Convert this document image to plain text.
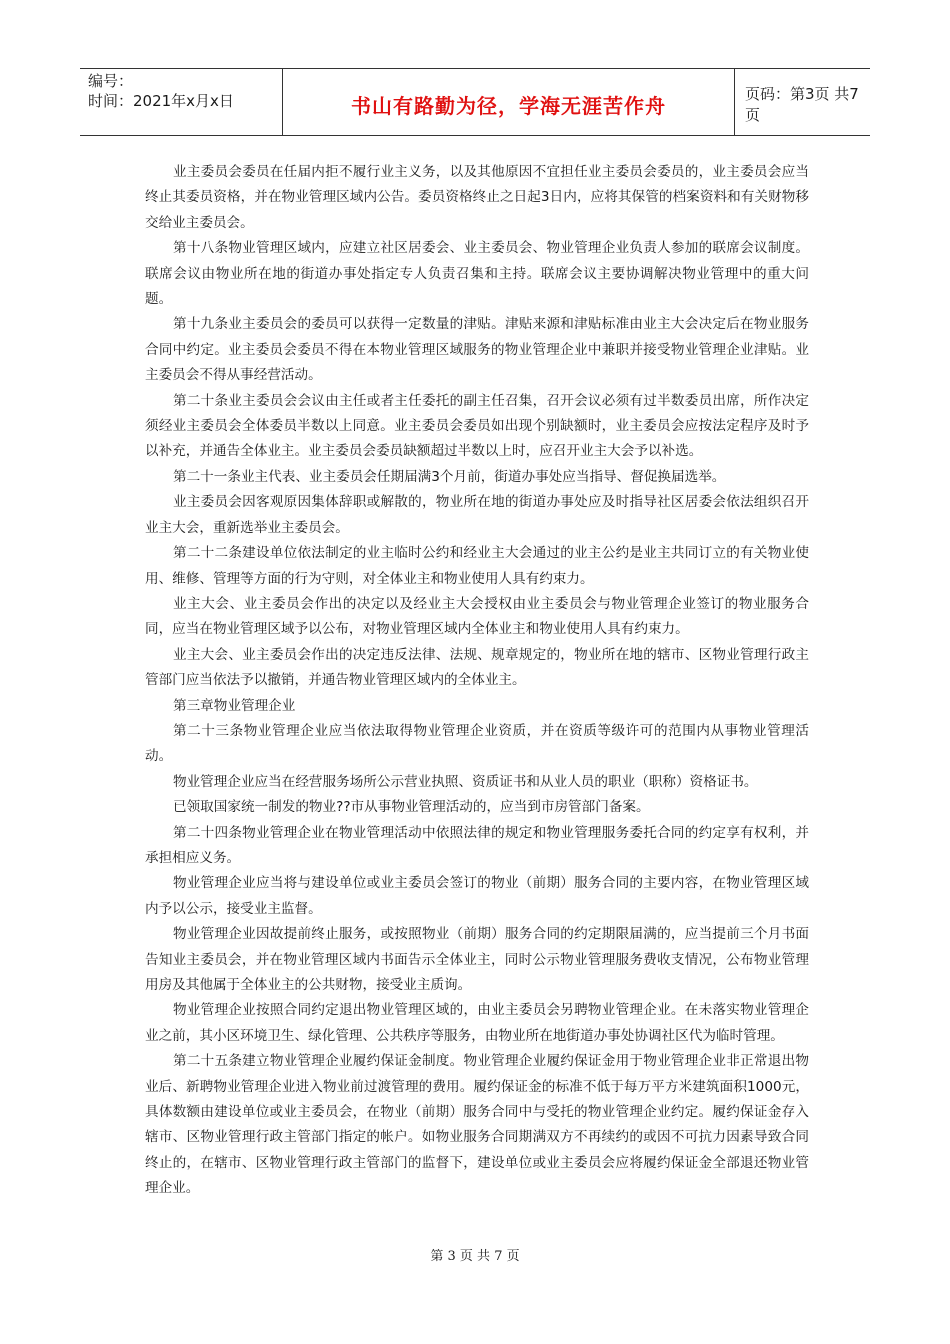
编号：
时间：2021年x月x日	书山有路勤为径，学海无涯苦作舟	页码：第3页 共7页

业主委员会委员在任届内拒不履行业主义务，以及其他原因不宜担任业主委员会委员的，业主委员会应当终止其委员资格，并在物业管理区域内公告。委员资格终止之日起3日内，应将其保管的档案资料和有关财物移交给业主委员会。

第十八条物业管理区域内，应建立社区居委会、业主委员会、物业管理企业负责人参加的联席会议制度。联席会议由物业所在地的街道办事处指定专人负责召集和主持。联席会议主要协调解决物业管理中的重大问题。

第十九条业主委员会的委员可以获得一定数量的津贴。津贴来源和津贴标准由业主大会决定后在物业服务合同中约定。业主委员会委员不得在本物业管理区域服务的物业管理企业中兼职并接受物业管理企业津贴。业主委员会不得从事经营活动。

第二十条业主委员会会议由主任或者主任委托的副主任召集，召开会议必须有过半数委员出席，所作决定须经业主委员会全体委员半数以上同意。业主委员会委员如出现个别缺额时，业主委员会应按法定程序及时予以补充，并通告全体业主。业主委员会委员缺额超过半数以上时，应召开业主大会予以补选。

第二十一条业主代表、业主委员会任期届满3个月前，街道办事处应当指导、督促换届选举。

业主委员会因客观原因集体辞职或解散的，物业所在地的街道办事处应及时指导社区居委会依法组织召开业主大会，重新选举业主委员会。

第二十二条建设单位依法制定的业主临时公约和经业主大会通过的业主公约是业主共同订立的有关物业使用、维修、管理等方面的行为守则，对全体业主和物业使用人具有约束力。

业主大会、业主委员会作出的决定以及经业主大会授权由业主委员会与物业管理企业签订的物业服务合同，应当在物业管理区域予以公布，对物业管理区域内全体业主和物业使用人具有约束力。

业主大会、业主委员会作出的决定违反法律、法规、规章规定的，物业所在地的辖市、区物业管理行政主管部门应当依法予以撤销，并通告物业管理区域内的全体业主。

第三章物业管理企业

第二十三条物业管理企业应当依法取得物业管理企业资质，并在资质等级许可的范围内从事物业管理活动。

物业管理企业应当在经营服务场所公示营业执照、资质证书和从业人员的职业（职称）资格证书。

已领取国家统一制发的物业??市从事物业管理活动的，应当到市房管部门备案。

第二十四条物业管理企业在物业管理活动中依照法律的规定和物业管理服务委托合同的约定享有权利，并承担相应义务。

物业管理企业应当将与建设单位或业主委员会签订的物业（前期）服务合同的主要内容，在物业管理区域内予以公示，接受业主监督。

物业管理企业因故提前终止服务，或按照物业（前期）服务合同的约定期限届满的，应当提前三个月书面告知业主委员会，并在物业管理区域内书面告示全体业主，同时公示物业管理服务费收支情况，公布物业管理用房及其他属于全体业主的公共财物，接受业主质询。

物业管理企业按照合同约定退出物业管理区域的，由业主委员会另聘物业管理企业。在未落实物业管理企业之前，其小区环境卫生、绿化管理、公共秩序等服务，由物业所在地街道办事处协调社区代为临时管理。

第二十五条建立物业管理企业履约保证金制度。物业管理企业履约保证金用于物业管理企业非正常退出物业后、新聘物业管理企业进入物业前过渡管理的费用。履约保证金的标准不低于每万平方米建筑面积1000元，具体数额由建设单位或业主委员会，在物业（前期）服务合同中与受托的物业管理企业约定。履约保证金存入辖市、区物业管理行政主管部门指定的帐户。如物业服务合同期满双方不再续约的或因不可抗力因素导致合同终止的，在辖市、区物业管理行政主管部门的监督下，建设单位或业主委员会应将履约保证金全部退还物业管理企业。

第 3 页 共 7 页
